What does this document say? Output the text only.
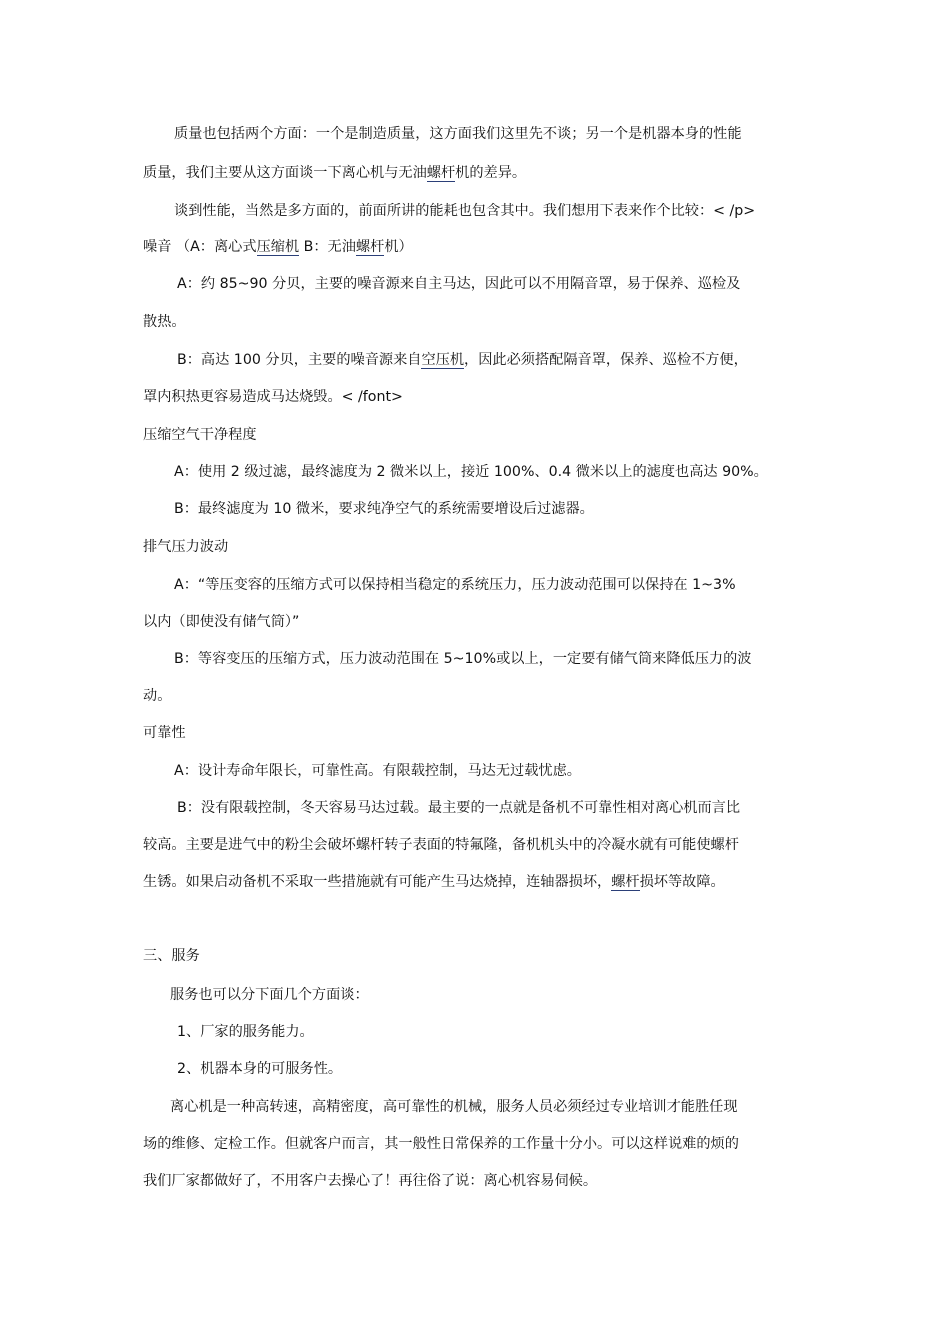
质量也包括两个方面：一个是制造质量，这方面我们这里先不谈；另一个是机器本身的性能
质量，我们主要从这方面谈一下离心机与无油螺杆机的差异。
谈到性能，当然是多方面的，前面所讲的能耗也包含其中。我们想用下表来作个比较：< /p>
噪音 （A：离心式压缩机 B：无油螺杆机）
A：约 85~90 分贝，主要的噪音源来自主马达，因此可以不用隔音罩，易于保养、巡检及
散热。
B：高达 100 分贝，主要的噪音源来自空压机，因此必须搭配隔音罩，保养、巡检不方便，
罩内积热更容易造成马达烧毁。< /font>
压缩空气干净程度
A：使用 2 级过滤，最终滤度为 2 微米以上，接近 100%、0.4 微米以上的滤度也高达 90%。
B：最终滤度为 10 微米，要求纯净空气的系统需要增设后过滤器。
排气压力波动
A：“等压变容的压缩方式可以保持相当稳定的系统压力，压力波动范围可以保持在 1~3%
以内（即使没有储气筒）”
B：等容变压的压缩方式，压力波动范围在 5~10%或以上，一定要有储气筒来降低压力的波
动。
可靠性
A：设计寿命年限长，可靠性高。有限载控制，马达无过载忧虑。
B：没有限载控制，冬天容易马达过载。最主要的一点就是备机不可靠性相对离心机而言比
较高。主要是进气中的粉尘会破坏螺杆转子表面的特氟隆，备机机头中的冷凝水就有可能使螺杆
生锈。如果启动备机不采取一些措施就有可能产生马达烧掉，连轴器损坏，螺杆损坏等故障。
三、服务
服务也可以分下面几个方面谈：
1、厂家的服务能力。
2、机器本身的可服务性。
离心机是一种高转速，高精密度，高可靠性的机械，服务人员必须经过专业培训才能胜任现
场的维修、定检工作。但就客户而言，其一般性日常保养的工作量十分小。可以这样说难的烦的
我们厂家都做好了，不用客户去操心了！再往俗了说：离心机容易伺候。
